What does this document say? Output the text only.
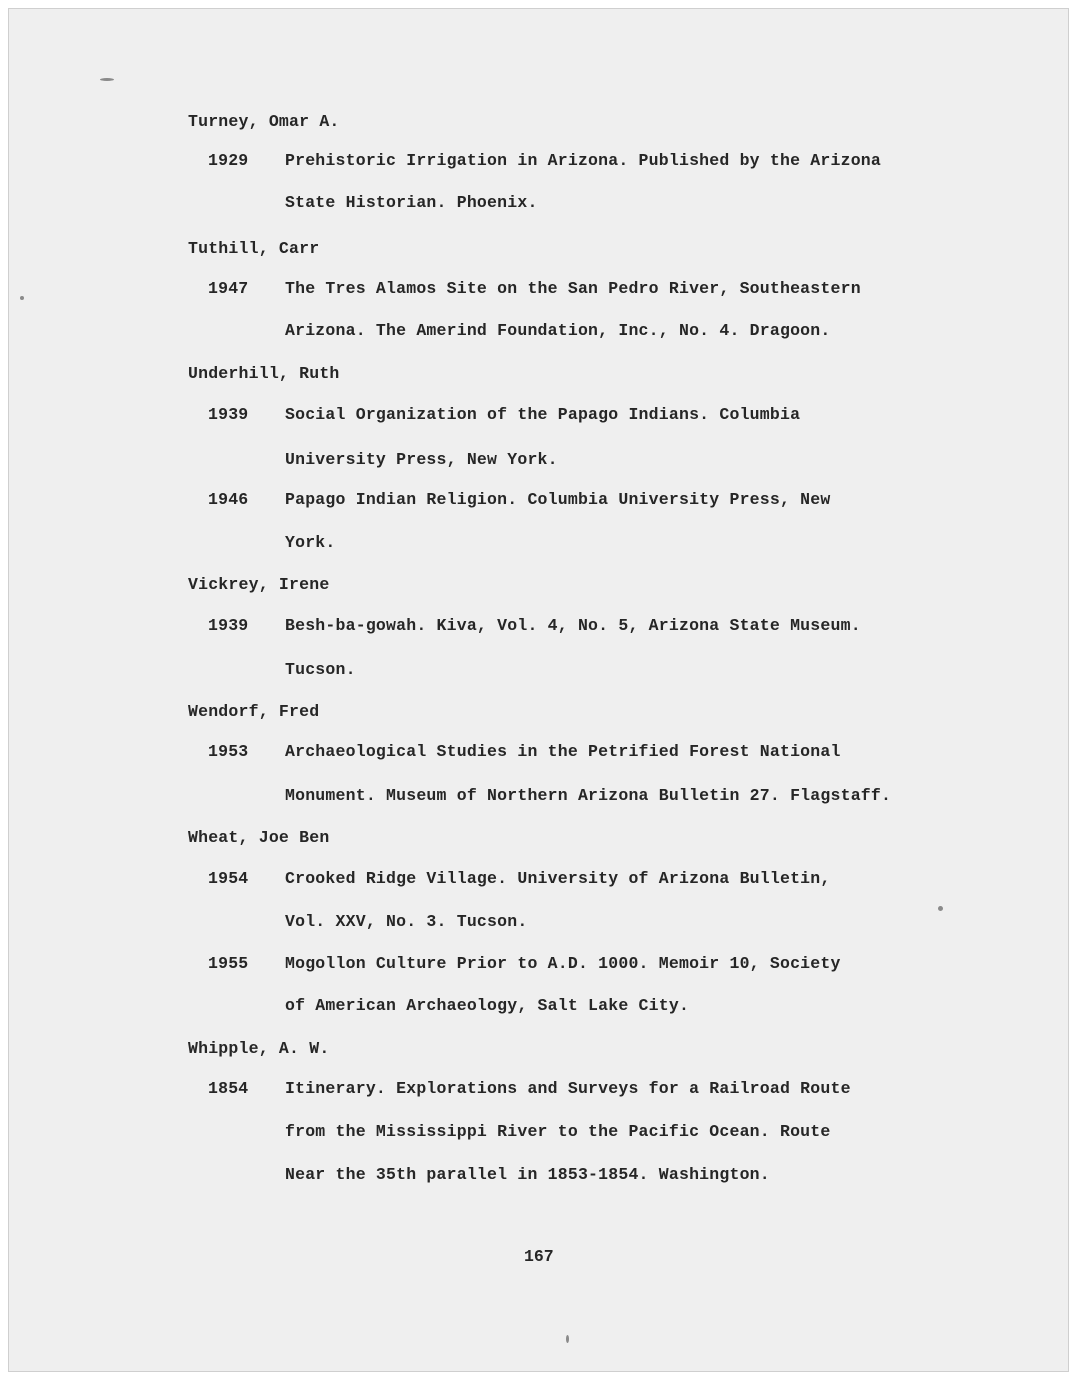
Turney, Omar A.
1929 Prehistoric Irrigation in Arizona. Published by the Arizona
State Historian. Phoenix.
Tuthill, Carr
1947 The Tres Alamos Site on the San Pedro River, Southeastern
Arizona. The Amerind Foundation, Inc., No. 4. Dragoon.
Underhill, Ruth
1939 Social Organization of the Papago Indians. Columbia
University Press, New York.
1946 Papago Indian Religion. Columbia University Press, New
York.
Vickrey, Irene
1939 Besh-ba-gowah. Kiva, Vol. 4, No. 5, Arizona State Museum.
Tucson.
Wendorf, Fred
1953 Archaeological Studies in the Petrified Forest National
Monument. Museum of Northern Arizona Bulletin 27. Flagstaff.
Wheat, Joe Ben
1954 Crooked Ridge Village. University of Arizona Bulletin,
Vol. XXV, No. 3. Tucson.
1955 Mogollon Culture Prior to A.D. 1000. Memoir 10, Society
of American Archaeology, Salt Lake City.
Whipple, A. W.
1854 Itinerary. Explorations and Surveys for a Railroad Route
from the Mississippi River to the Pacific Ocean. Route
Near the 35th parallel in 1853-1854. Washington.
167
